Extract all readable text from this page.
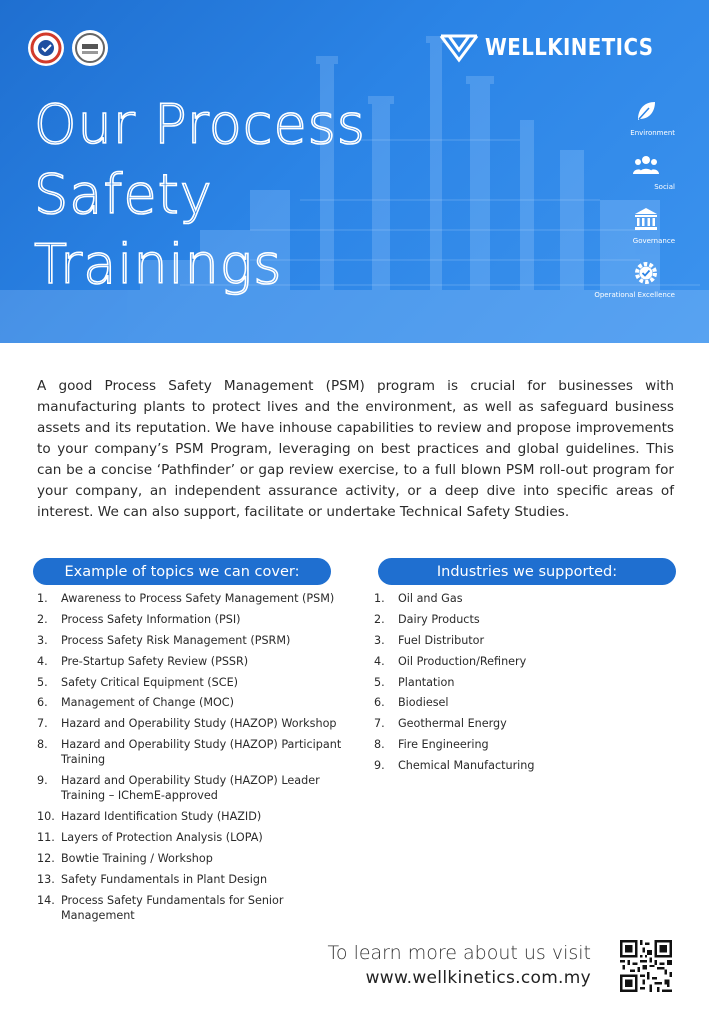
WELLKINETICS
Our Process
Safety
Trainings
Environment
Social
Governance
Operational Excellence

A good Process Safety Management (PSM) program is crucial for businesses with manufacturing plants to protect lives and the environment, as well as safeguard business assets and its reputation. We have inhouse capabilities to review and propose improvements to your company’s PSM Program, leveraging on best practices and global guidelines. This can be a concise ‘Pathfinder’ or gap review exercise, to a full blown PSM roll-out program for your company, an independent assurance activity, or a deep dive into specific areas of interest. We can also support, facilitate or undertake Technical Safety Studies.

Example of topics we can cover:
1.	Awareness to Process Safety Management (PSM)
2.	Process Safety Information (PSI)
3.	Process Safety Risk Management (PSRM)
4.	Pre-Startup Safety Review (PSSR)
5.	Safety Critical Equipment (SCE)
6.	Management of Change (MOC)
7.	Hazard and Operability Study (HAZOP) Workshop
8.	Hazard and Operability Study (HAZOP) Participant Training
9.	Hazard and Operability Study (HAZOP) Leader Training – IChemE-approved
10. Hazard Identification Study (HAZID)
11. Layers of Protection Analysis (LOPA)
12. Bowtie Training / Workshop
13. Safety Fundamentals in Plant Design
14. Process Safety Fundamentals for Senior Management
Industries we supported:
1.	Oil and Gas
2.	Dairy Products
3.	Fuel Distributor
4.	Oil Production/Refinery
5.	Plantation
6.	Biodiesel
7.	Geothermal Energy
8.	Fire Engineering
9.	Chemical Manufacturing
To learn more about us visit
www.wellkinetics.com.my
